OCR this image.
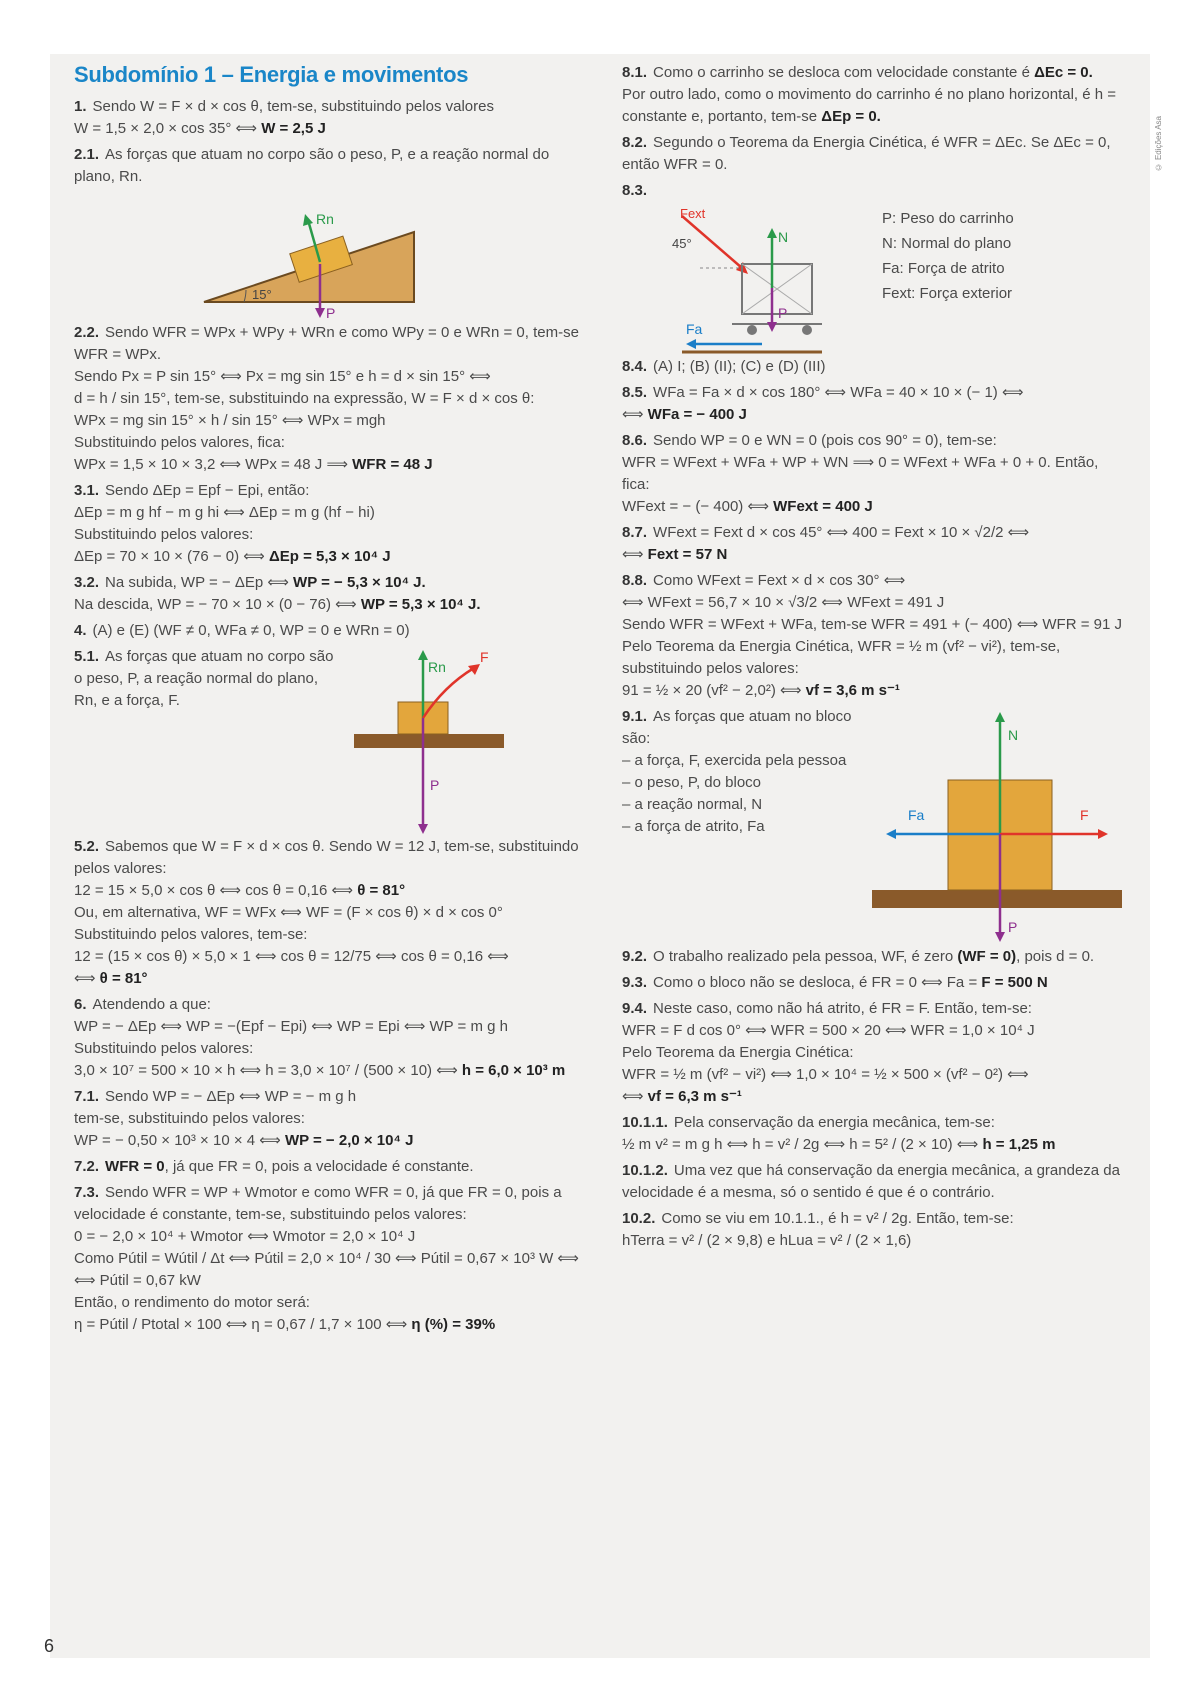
Subdomínio 1 – Energia e movimentos

1. Sendo W = F × d × cos θ, tem-se, substituindo pelos valores
W = 1,5 × 2,0 × cos 35° ⟺ W = 2,5 J

2.1. As forças que atuam no corpo são o peso, P, e a reação normal do plano, Rn.

Rn
P
15°
2.2. Sendo WFR = WPx + WPy + WRn e como WPy = 0 e WRn = 0, tem-se WFR = WPx.
Sendo Px = P sin 15° ⟺ Px = mg sin 15° e h = d × sin 15° ⟺
d = h / sin 15°, tem-se, substituindo na expressão, W = F × d × cos θ:
WPx = mg sin 15° × h / sin 15° ⟺ WPx = mgh
Substituindo pelos valores, fica:
WPx = 1,5 × 10 × 3,2 ⟺ WPx = 48 J ⟹ WFR = 48 J
3.1. Sendo ΔEp = Epf − Epi, então:
ΔEp = m g hf − m g hi ⟺ ΔEp = m g (hf − hi)
Substituindo pelos valores:
ΔEp = 70 × 10 × (76 − 0) ⟺ ΔEp = 5,3 × 10⁴ J
3.2. Na subida, WP = − ΔEp ⟺ WP = − 5,3 × 10⁴ J.
Na descida, WP = − 70 × 10 × (0 − 76) ⟺ WP = 5,3 × 10⁴ J.

4. (A) e (E) (WF ≠ 0, WFa ≠ 0, WP = 0 e WRn = 0)

5.1. As forças que atuam no corpo são o peso, P, a reação normal do plano, Rn, e a força, F.

Rn
F
P
5.2. Sabemos que W = F × d × cos θ. Sendo W = 12 J, tem-se, substituindo pelos valores:
12 = 15 × 5,0 × cos θ ⟺ cos θ = 0,16 ⟺ θ = 81°
Ou, em alternativa, WF = WFx ⟺ WF = (F × cos θ) × d × cos 0°
Substituindo pelos valores, tem-se:
12 = (15 × cos θ) × 5,0 × 1 ⟺ cos θ = 12/75 ⟺ cos θ = 0,16 ⟺
⟺ θ = 81°
6. Atendendo a que:
WP = − ΔEp ⟺ WP = −(Epf − Epi) ⟺ WP = Epi ⟺ WP = m g h
Substituindo pelos valores:
3,0 × 10⁷ = 500 × 10 × h ⟺ h = 3,0 × 10⁷ / (500 × 10) ⟺ h = 6,0 × 10³ m
7.1. Sendo WP = − ΔEp ⟺ WP = − m g h
tem-se, substituindo pelos valores:
WP = − 0,50 × 10³ × 10 × 4 ⟺ WP = − 2,0 × 10⁴ J

7.2. WFR = 0, já que FR = 0, pois a velocidade é constante.

7.3. Sendo WFR = WP + Wmotor e como WFR = 0, já que FR = 0, pois a velocidade é constante, tem-se, substituindo pelos valores:
0 = − 2,0 × 10⁴ + Wmotor ⟺ Wmotor = 2,0 × 10⁴ J
Como Pútil = Wútil / Δt ⟺ Pútil = 2,0 × 10⁴ / 30 ⟺ Pútil = 0,67 × 10³ W ⟺
⟺ Pútil = 0,67 kW
Então, o rendimento do motor será:
η = Pútil / Ptotal × 100 ⟺ η = 0,67 / 1,7 × 100 ⟺ η (%) = 39%
8.1. Como o carrinho se desloca com velocidade constante é ΔEc = 0.
Por outro lado, como o movimento do carrinho é no plano horizontal, é h = constante e, portanto, tem-se ΔEp = 0.

8.2. Segundo o Teorema da Energia Cinética, é WFR = ΔEc. Se ΔEc = 0, então WFR = 0.

8.3.

Fext
45°	N
P
Fa

P: Peso do carrinho

N: Normal do plano

Fa: Força de atrito

Fext: Força exterior

8.4. (A) I; (B) (II); (C) e (D) (III)

8.5. WFa = Fa × d × cos 180° ⟺ WFa = 40 × 10 × (− 1) ⟺
⟺ WFa = − 400 J
8.6. Sendo WP = 0 e WN = 0 (pois cos 90° = 0), tem-se:
WFR = WFext + WFa + WP + WN ⟹ 0 = WFext + WFa + 0 + 0. Então, fica:
WFext = − (− 400) ⟺ WFext = 400 J
8.7. WFext = Fext d × cos 45° ⟺ 400 = Fext × 10 × √2/2 ⟺
⟺ Fext = 57 N
8.8. Como WFext = Fext × d × cos 30° ⟺
⟺ WFext = 56,7 × 10 × √3/2 ⟺ WFext = 491 J
Sendo WFR = WFext + WFa, tem-se WFR = 491 + (− 400) ⟺ WFR = 91 J
Pelo Teorema da Energia Cinética, WFR = ½ m (vf² − vi²), tem-se, substituindo pelos valores:
91 = ½ × 20 (vf² − 2,0²) ⟺ vf = 3,6 m s⁻¹
9.1. As forças que atuam no bloco são:
– a força, F, exercida pela pessoa
– o peso, P, do bloco
– a reação normal, N
– a força de atrito, Fa
N
Fa	F
P

9.2. O trabalho realizado pela pessoa, WF, é zero (WF = 0), pois d = 0.

9.3. Como o bloco não se desloca, é FR = 0 ⟺ Fa = F = 500 N

9.4. Neste caso, como não há atrito, é FR = F. Então, tem-se:
WFR = F d cos 0° ⟺ WFR = 500 × 20 ⟺ WFR = 1,0 × 10⁴ J
Pelo Teorema da Energia Cinética:
WFR = ½ m (vf² − vi²) ⟺ 1,0 × 10⁴ = ½ × 500 × (vf² − 0²) ⟺
⟺ vf = 6,3 m s⁻¹
10.1.1. Pela conservação da energia mecânica, tem-se:
½ m v² = m g h ⟺ h = v² / 2g ⟺ h = 5² / (2 × 10) ⟺ h = 1,25 m

10.1.2. Uma vez que há conservação da energia mecânica, a grandeza da velocidade é a mesma, só o sentido é que é o contrário.

10.2. Como se viu em 10.1.1., é h = v² / 2g. Então, tem-se:
hTerra = v² / (2 × 9,8) e hLua = v² / (2 × 1,6)
6
© Edições Asa
